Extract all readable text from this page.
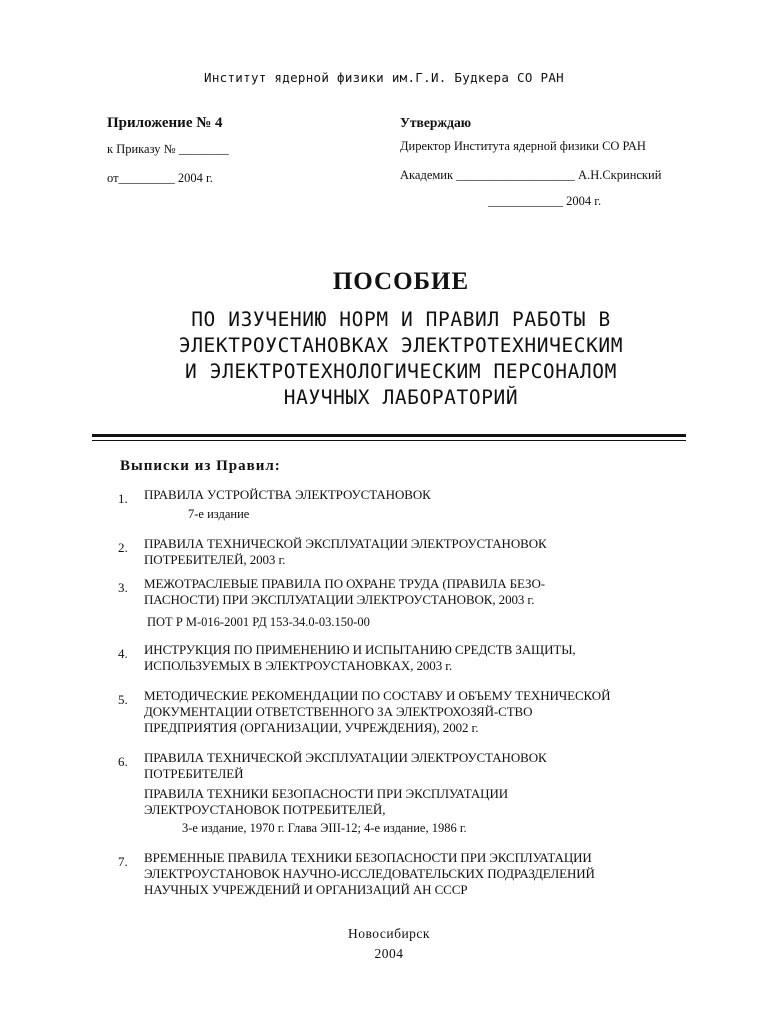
Институт ядерной физики им.Г.И. Будкера СО РАН
Приложение № 4
к Приказу № ________
от_________ 2004 г.
Утверждаю
Директор Института ядерной физики СО РАН
Академик ___________________ А.Н.Скринский
____________ 2004 г.
ПОСОБИЕ
ПО ИЗУЧЕНИЮ НОРМ И ПРАВИЛ РАБОТЫ В
ЭЛЕКТРОУСТАНОВКАХ ЭЛЕКТРОТЕХНИЧЕСКИМ
И ЭЛЕКТРОТЕХНОЛОГИЧЕСКИМ ПЕРСОНАЛОМ
НАУЧНЫХ ЛАБОРАТОРИЙ
Выписки из Правил:
1. ПРАВИЛА УСТРОЙСТВА ЭЛЕКТРОУСТАНОВОК
7-е издание
2. ПРАВИЛА ТЕХНИЧЕСКОЙ ЭКСПЛУАТАЦИИ ЭЛЕКТРОУСТАНОВОК
ПОТРЕБИТЕЛЕЙ, 2003 г.
3. МЕЖОТРАСЛЕВЫЕ ПРАВИЛА ПО ОХРАНЕ ТРУДА (ПРАВИЛА БЕЗО-
ПАСНОСТИ) ПРИ ЭКСПЛУАТАЦИИ ЭЛЕКТРОУСТАНОВОК, 2003 г.
ПОТ Р М-016-2001 РД 153-34.0-03.150-00
4. ИНСТРУКЦИЯ ПО ПРИМЕНЕНИЮ И ИСПЫТАНИЮ СРЕДСТВ ЗАЩИТЫ,
ИСПОЛЬЗУЕМЫХ В ЭЛЕКТРОУСТАНОВКАХ, 2003 г.
5. МЕТОДИЧЕСКИЕ РЕКОМЕНДАЦИИ ПО СОСТАВУ И ОБЪЕМУ ТЕХНИЧЕСКОЙ
ДОКУМЕНТАЦИИ ОТВЕТСТВЕННОГО ЗА ЭЛЕКТРОХОЗЯЙ-СТВО
ПРЕДПРИЯТИЯ (ОРГАНИЗАЦИИ, УЧРЕЖДЕНИЯ), 2002 г.
6. ПРАВИЛА ТЕХНИЧЕСКОЙ ЭКСПЛУАТАЦИИ ЭЛЕКТРОУСТАНОВОК
ПОТРЕБИТЕЛЕЙ
ПРАВИЛА ТЕХНИКИ БЕЗОПАСНОСТИ ПРИ ЭКСПЛУАТАЦИИ
ЭЛЕКТРОУСТАНОВОК ПОТРЕБИТЕЛЕЙ,
3-е издание, 1970 г. Глава ЭIII-12; 4-е издание, 1986 г.
7. ВРЕМЕННЫЕ ПРАВИЛА ТЕХНИКИ БЕЗОПАСНОСТИ ПРИ ЭКСПЛУАТАЦИИ
ЭЛЕКТРОУСТАНОВОК НАУЧНО-ИССЛЕДОВАТЕЛЬСКИХ ПОДРАЗДЕЛЕНИЙ
НАУЧНЫХ УЧРЕЖДЕНИЙ И ОРГАНИЗАЦИЙ АН СССР
Новосибирск
2004
